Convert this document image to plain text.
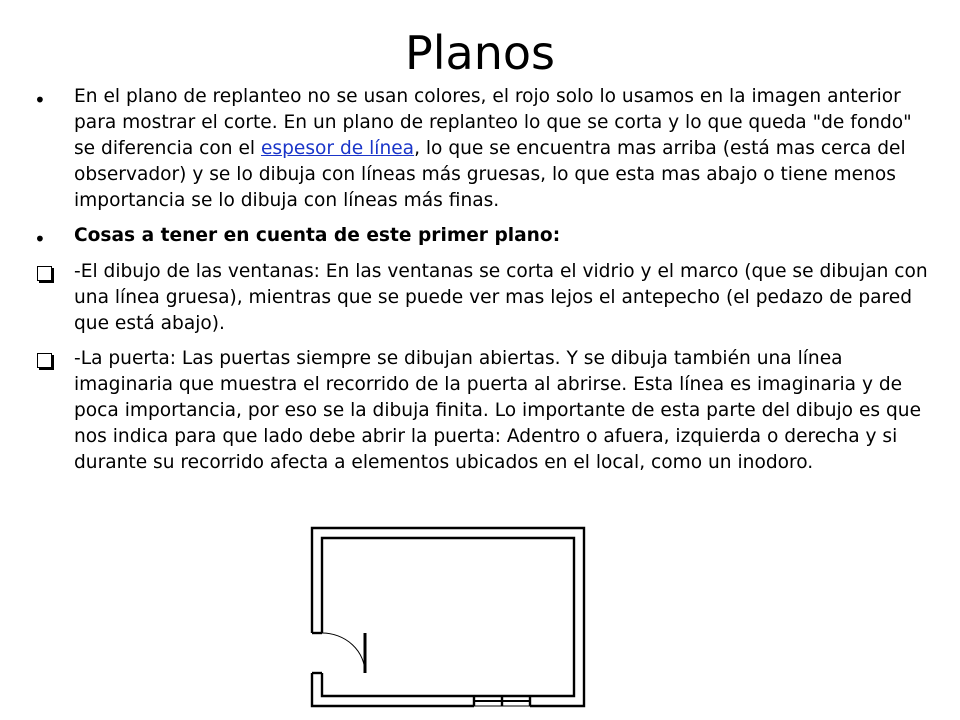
Planos
• En el plano de replanteo no se usan colores, el rojo solo lo usamos en la imagen anterior para mostrar el corte. En un plano de replanteo lo que se corta y lo que queda "de fondo" se diferencia con el espesor de línea, lo que se encuentra mas arriba (está mas cerca del observador) y se lo dibuja con líneas más gruesas, lo que esta mas abajo o tiene menos importancia se lo dibuja con líneas más finas.
• Cosas a tener en cuenta de este primer plano:
-El dibujo de las ventanas: En las ventanas se corta el vidrio y el marco (que se dibujan con una línea gruesa), mientras que se puede ver mas lejos el antepecho (el pedazo de pared que está abajo).
-La puerta: Las puertas siempre se dibujan abiertas. Y se dibuja también una línea imaginaria que muestra el recorrido de la puerta al abrirse. Esta línea es imaginaria y de poca importancia, por eso se la dibuja finita. Lo importante de esta parte del dibujo es que nos indica para que lado debe abrir la puerta: Adentro o afuera, izquierda o derecha y si durante su recorrido afecta a elementos ubicados en el local, como un inodoro.
